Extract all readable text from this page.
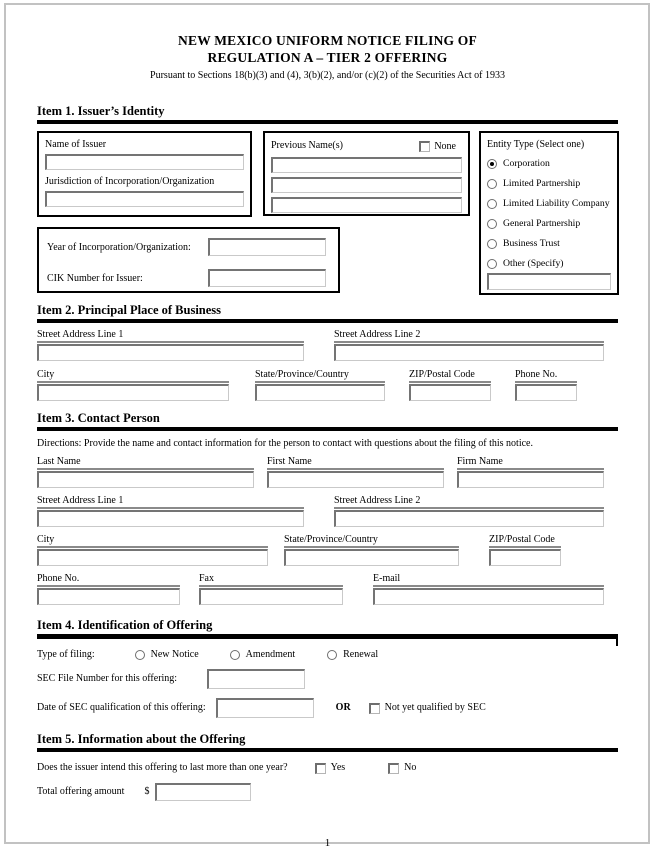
NEW MEXICO UNIFORM NOTICE FILING OF
REGULATION A – TIER 2 OFFERING
Pursuant to Sections 18(b)(3) and (4), 3(b)(2), and/or (c)(2) of the Securities Act of 1933
Item 1. Issuer’s Identity
Name of Issuer
Jurisdiction of Incorporation/Organization
Previous Name(s)	None
Year of Incorporation/Organization:
CIK Number for Issuer:
Entity Type (Select one)
Corporation
Limited Partnership
Limited Liability Company
General Partnership
Business Trust
Other (Specify)
Item 2. Principal Place of Business
Street Address Line 1	Street Address Line 2
City	State/Province/Country	ZIP/Postal Code	Phone No.
Item 3. Contact Person
Directions: Provide the name and contact information for the person to contact with questions about the filing of this notice.
Last Name	First Name	Firm Name
Street Address Line 1	Street Address Line 2
City	State/Province/Country	ZIP/Postal Code
Phone No.	Fax	E-mail
Item 4. Identification of Offering
Type of filing:	New Notice	Amendment	Renewal
SEC File Number for this offering:
Date of SEC qualification of this offering:	OR	Not yet qualified by SEC
Item 5. Information about the Offering
Does the issuer intend this offering to last more than one year?	Yes	No
Total offering amount $
1
